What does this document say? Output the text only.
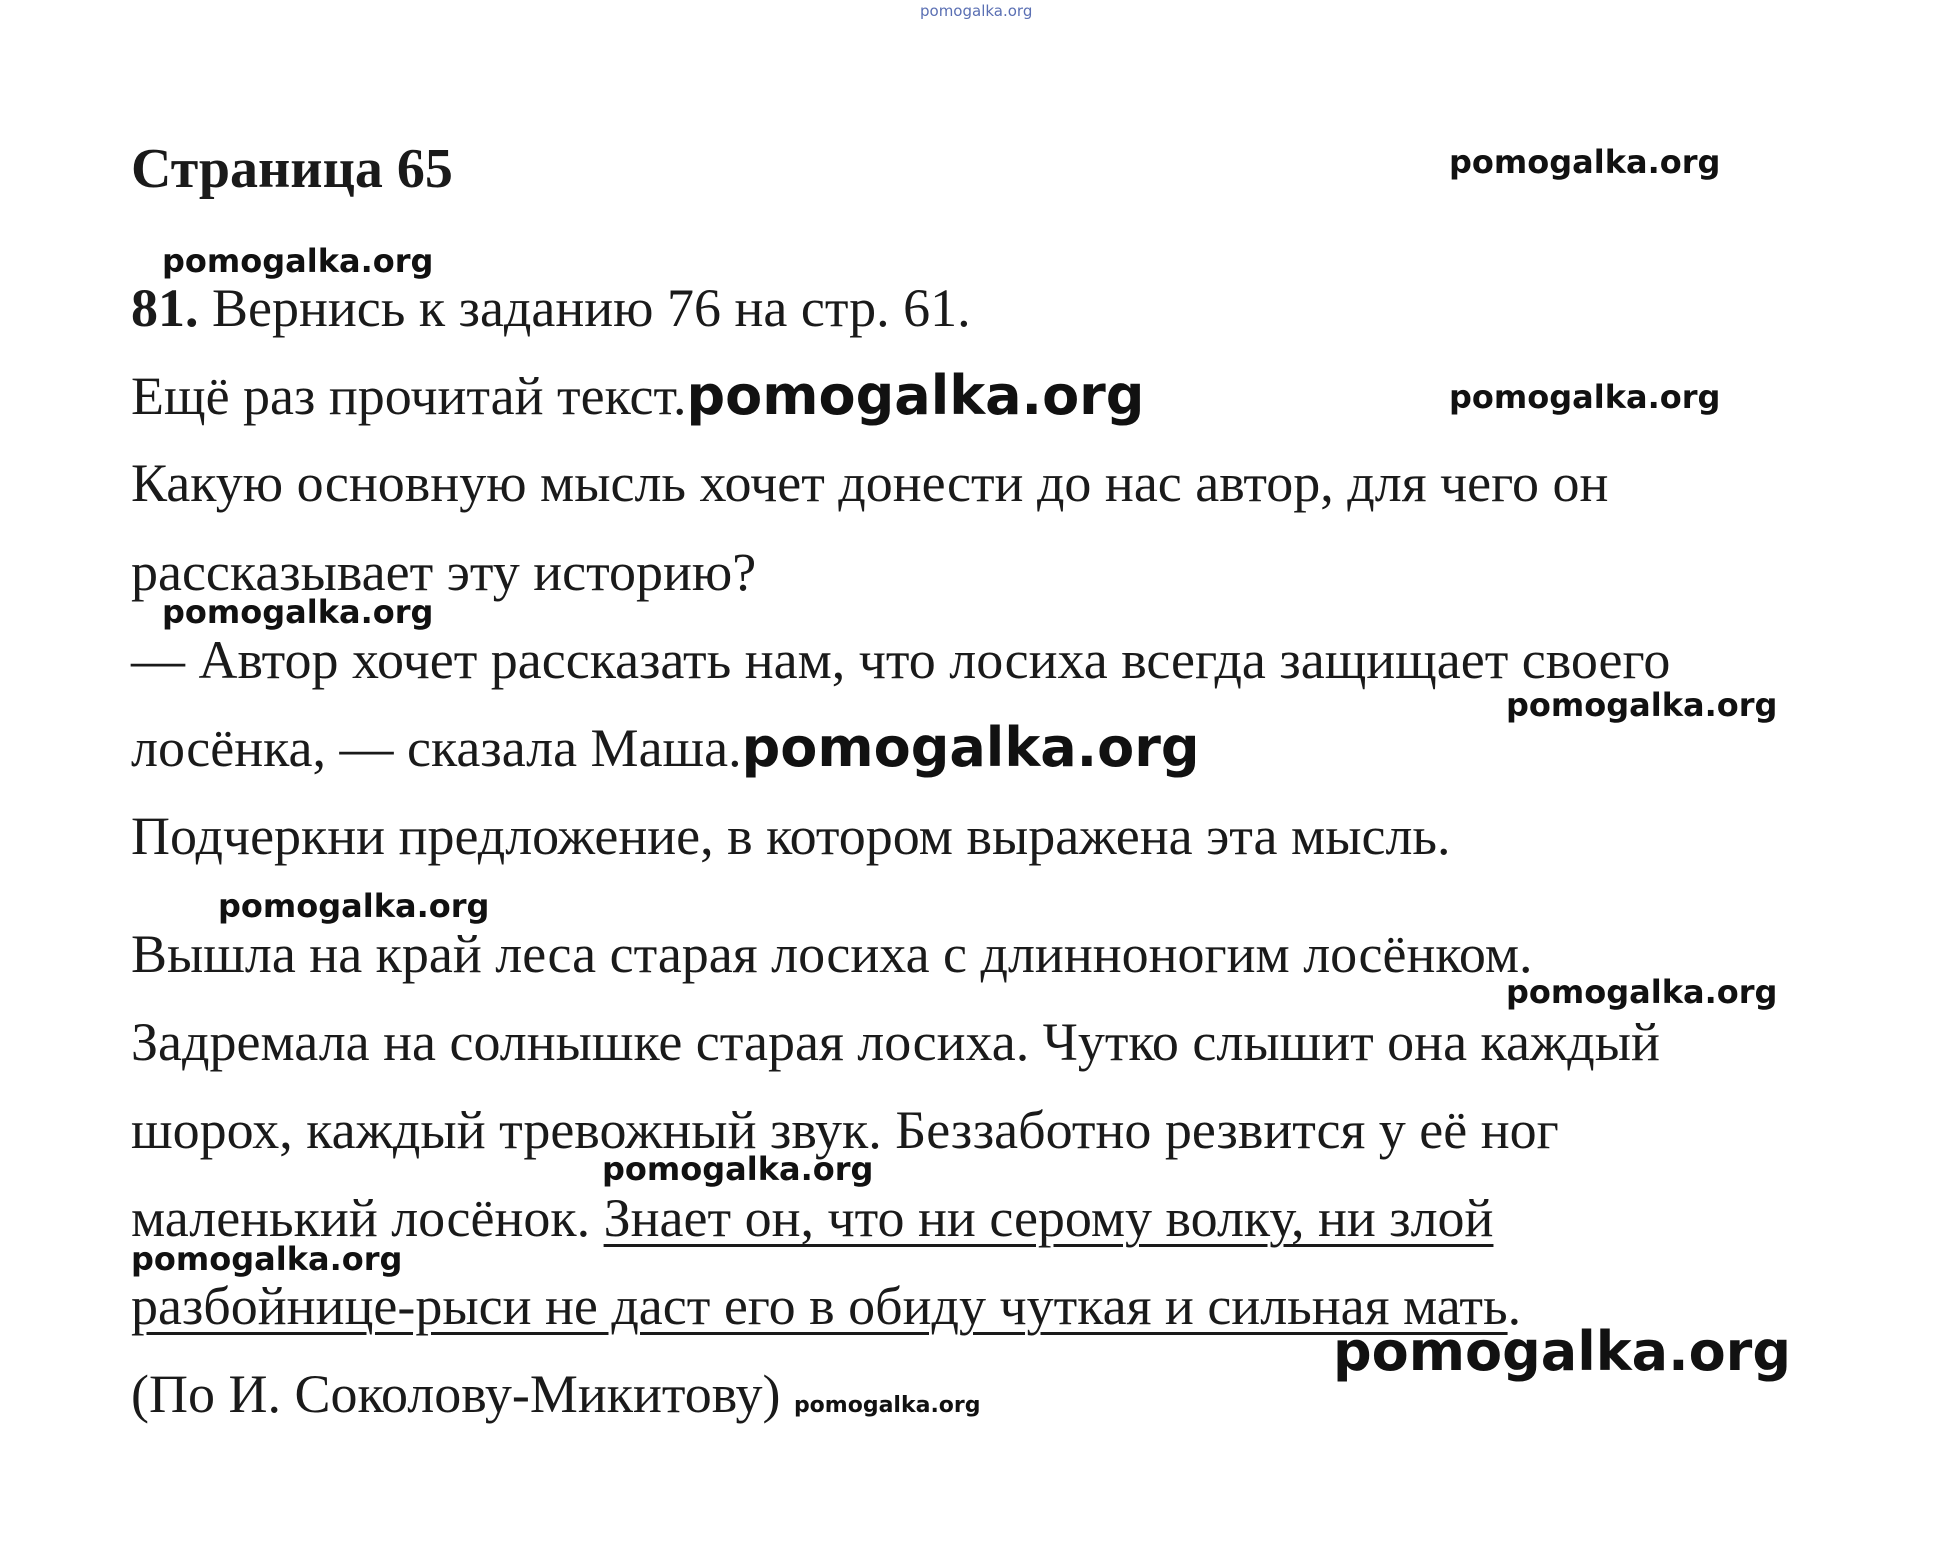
pomogalka.org

Страница 65	pomogalka.org

pomogalka.org

81. Вернись к заданию 76 на стр. 61.

Ещё раз прочитай текст.pomogalka.org	pomogalka.org

Какую основную мысль хочет донести до нас автор, для чего он

рассказывает эту историю?

pomogalka.org

— Автор хочет рассказать нам, что лосиха всегда защищает своего

pomogalka.org

лосёнка, — сказала Маша.pomogalka.org

Подчеркни предложение, в котором выражена эта мысль.

pomogalka.org

Вышла на край леса старая лосиха с длинноногим лосёнком.

pomogalka.org

Задремала на солнышке старая лосиха. Чутко слышит она каждый

шорох, каждый тревожный звук. Беззаботно резвится у её ног

pomogalka.org

маленький лосёнок. Знает он, что ни серому волку, ни злой

pomogalka.org

разбойнице-рыси не даст его в обиду чуткая и сильная мать.

pomogalka.org

(По И. Соколову-Микитову) pomogalka.org
